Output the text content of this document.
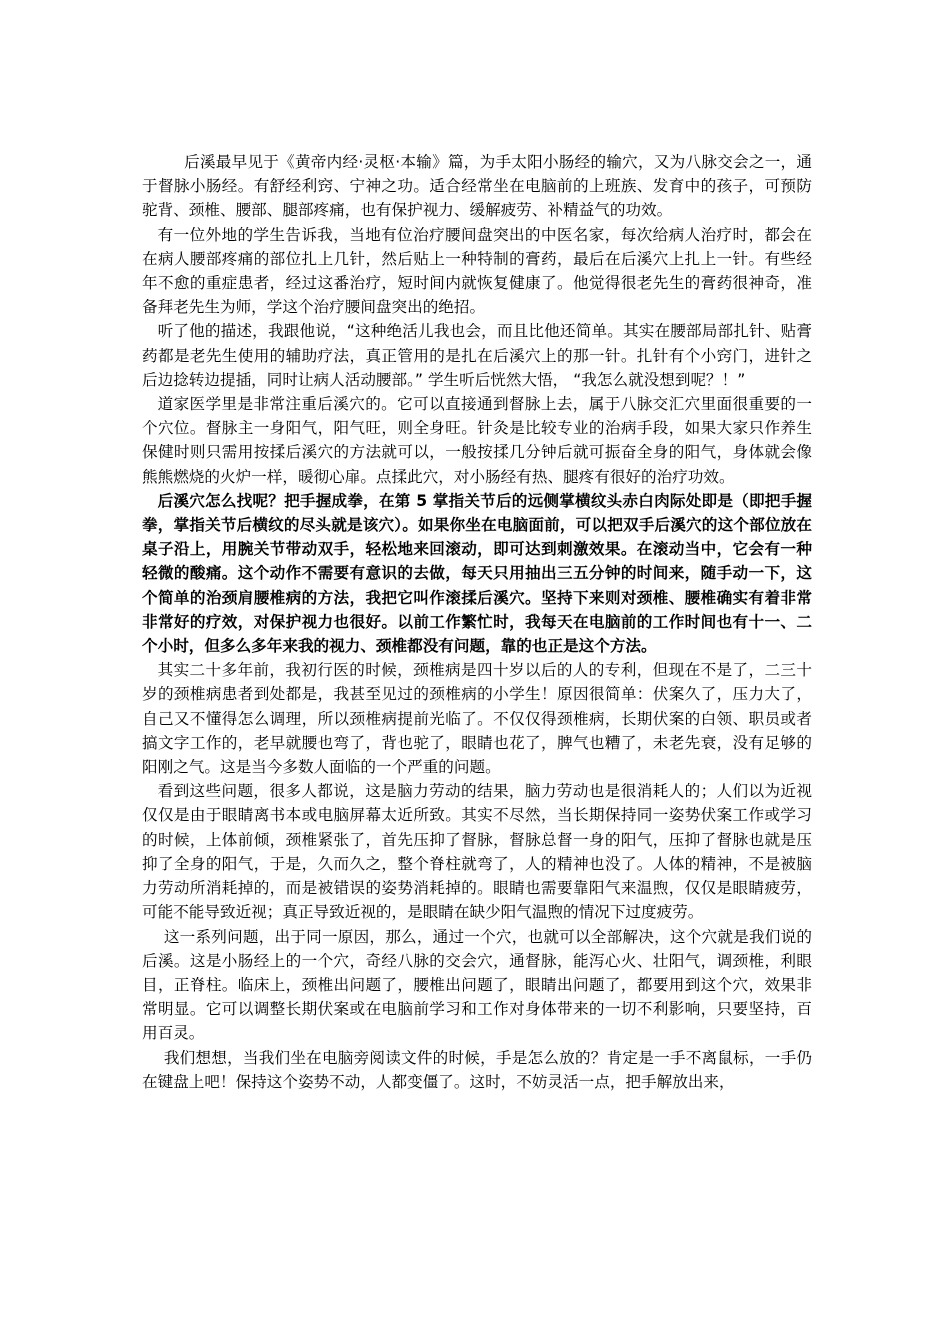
后溪最早见于《黄帝内经·灵枢·本输》篇，为手太阳小肠经的输穴，又为八脉交会之一，通于督脉小肠经。有舒经利窍、宁神之功。适合经常坐在电脑前的上班族、发育中的孩子，可预防驼背、颈椎、腰部、腿部疼痛，也有保护视力、缓解疲劳、补精益气的功效。

有一位外地的学生告诉我，当地有位治疗腰间盘突出的中医名家，每次给病人治疗时，都会在在病人腰部疼痛的部位扎上几针，然后贴上一种特制的膏药，最后在后溪穴上扎上一针。有些经年不愈的重症患者，经过这番治疗，短时间内就恢复健康了。他觉得很老先生的膏药很神奇，准备拜老先生为师，学这个治疗腰间盘突出的绝招。

听了他的描述，我跟他说，“这种绝活儿我也会，而且比他还简单。其实在腰部局部扎针、贴膏药都是老先生使用的辅助疗法，真正管用的是扎在后溪穴上的那一针。扎针有个小窍门，进针之后边捻转边提插，同时让病人活动腰部。” 学生听后恍然大悟， “我怎么就没想到呢？！”

道家医学里是非常注重后溪穴的。它可以直接通到督脉上去，属于八脉交汇穴里面很重要的一个穴位。督脉主一身阳气，阳气旺，则全身旺。针灸是比较专业的治病手段，如果大家只作养生保健时则只需用按揉后溪穴的方法就可以，一般按揉几分钟后就可振奋全身的阳气，身体就会像熊熊燃烧的火炉一样，暖彻心扉。点揉此穴，对小肠经有热、腿疼有很好的治疗功效。

后溪穴怎么找呢？把手握成拳，在第 5 掌指关节后的远侧掌横纹头赤白肉际处即是（即把手握拳，掌指关节后横纹的尽头就是该穴）。如果你坐在电脑面前，可以把双手后溪穴的这个部位放在桌子沿上，用腕关节带动双手，轻松地来回滚动，即可达到刺激效果。在滚动当中，它会有一种轻微的酸痛。这个动作不需要有意识的去做，每天只用抽出三五分钟的时间来，随手动一下，这个简单的治颈肩腰椎病的方法，我把它叫作滚揉后溪穴。坚持下来则对颈椎、腰椎确实有着非常非常好的疗效，对保护视力也很好。以前工作繁忙时，我每天在电脑前的工作时间也有十一、二个小时，但多么多年来我的视力、颈椎都没有问题，靠的也正是这个方法。

其实二十多年前，我初行医的时候，颈椎病是四十岁以后的人的专利，但现在不是了，二三十岁的颈椎病患者到处都是，我甚至见过的颈椎病的小学生！原因很简单：伏案久了，压力大了，自己又不懂得怎么调理，所以颈椎病提前光临了。不仅仅得颈椎病，长期伏案的白领、职员或者搞文字工作的，老早就腰也弯了，背也驼了，眼睛也花了，脾气也糟了，未老先衰，没有足够的阳刚之气。这是当今多数人面临的一个严重的问题。

看到这些问题，很多人都说，这是脑力劳动的结果，脑力劳动也是很消耗人的；人们以为近视仅仅是由于眼睛离书本或电脑屏幕太近所致。其实不尽然，当长期保持同一姿势伏案工作或学习的时候，上体前倾，颈椎紧张了，首先压抑了督脉，督脉总督一身的阳气，压抑了督脉也就是压抑了全身的阳气，于是，久而久之，整个脊柱就弯了，人的精神也没了。人体的精神，不是被脑力劳动所消耗掉的，而是被错误的姿势消耗掉的。眼睛也需要靠阳气来温煦，仅仅是眼睛疲劳，可能不能导致近视；真正导致近视的，是眼睛在缺少阳气温煦的情况下过度疲劳。

这一系列问题，出于同一原因，那么，通过一个穴，也就可以全部解决，这个穴就是我们说的后溪。这是小肠经上的一个穴，奇经八脉的交会穴，通督脉，能泻心火、壮阳气，调颈椎，利眼目，正脊柱。临床上，颈椎出问题了，腰椎出问题了，眼睛出问题了，都要用到这个穴，效果非常明显。它可以调整长期伏案或在电脑前学习和工作对身体带来的一切不利影响，只要坚持，百用百灵。

我们想想，当我们坐在电脑旁阅读文件的时候，手是怎么放的？肯定是一手不离鼠标，一手仍在键盘上吧！保持这个姿势不动，人都变僵了。这时，不妨灵活一点，把手解放出来，
